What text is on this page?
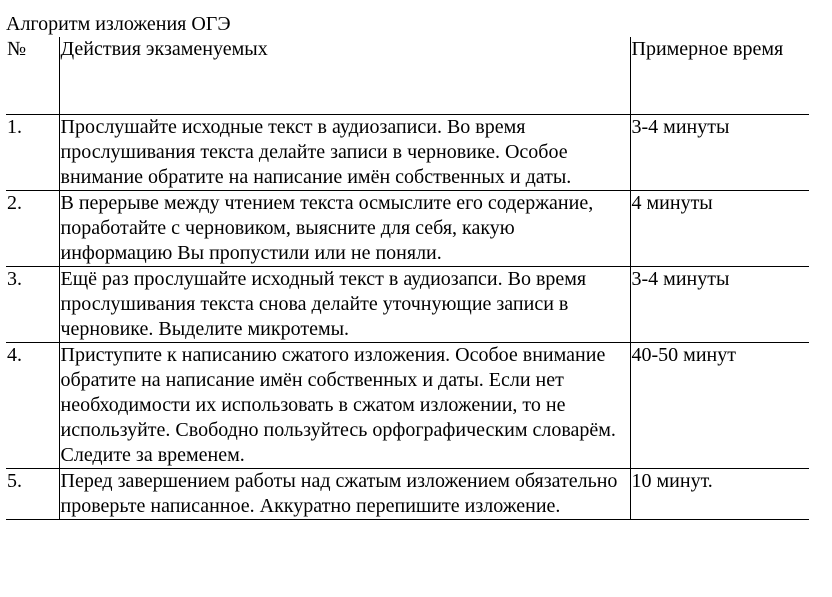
Алгоритм изложения ОГЭ
№	Действия экзаменуемых	Примерное время
1.	Прослушайте исходные текст в аудиозаписи. Во время прослушивания текста делайте записи в черновике. Особое внимание обратите на написание имён собственных и даты.	3-4 минуты
2.	В перерыве между чтением текста осмыслите его содержание, поработайте с черновиком, выясните для себя, какую информацию Вы пропустили или не поняли.	4 минуты
3.	Ещё раз прослушайте исходный текст в аудиозапси. Во время прослушивания текста снова делайте уточнующие записи в черновике. Выделите микротемы.	3-4 минуты
4.	Приступите к написанию сжатого изложения. Особое внимание обратите на написание имён собственных и даты. Если нет необходимости их использовать в сжатом изложении, то не используйте. Свободно пользуйтесь орфографическим словарём. Следите за временем.	40-50 минут
5.	Перед завершением работы над сжатым изложением обязательно проверьте написанное. Аккуратно перепишите изложение.	10 минут.
